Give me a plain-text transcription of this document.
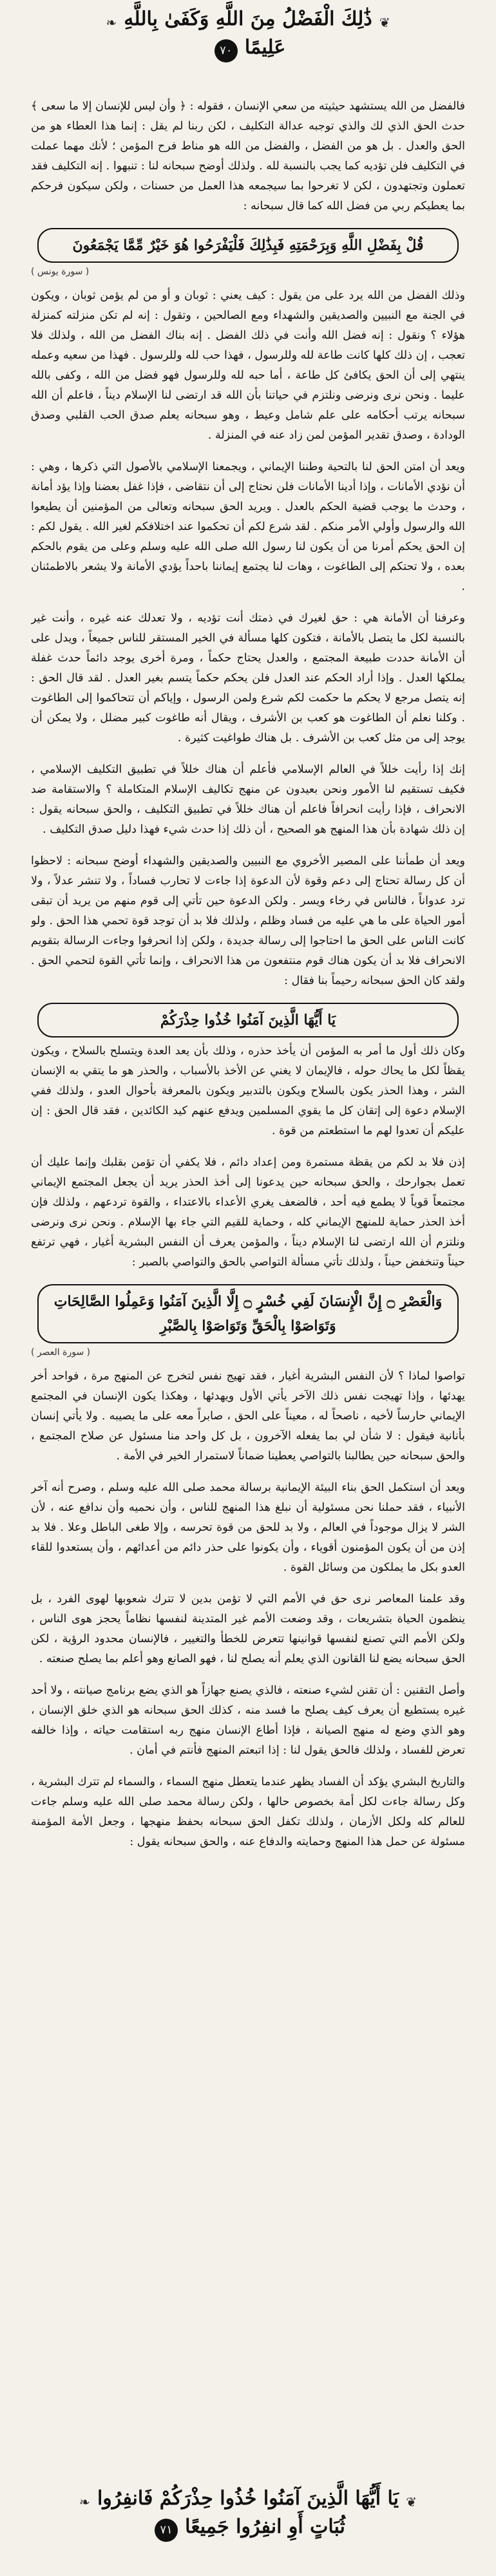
❦ ذَٰلِكَ الْفَضْلُ مِنَ اللَّهِ وَكَفَىٰ بِاللَّهِ ❧
عَلِيمًا ٧٠

فالفضل من الله يستشهد حيثيته من سعي الإنسان ، فقوله : ﴿ وأن ليس للإنسان إلا ما سعى ﴾ حدث الحق الذي لك والذي توجبه عدالة التكليف ، لكن ربنا لم يقل : إنما هذا العطاء هو من الحق والعدل . بل هو من الفضل ، والفضل من الله هو مناط فرح المؤمن ؛ لأنك مهما عملت في التكليف فلن تؤديه كما يجب بالنسبة لله . ولذلك أوضح سبحانه لنا : تنبهوا . إنه التكليف فقد تعملون وتجتهدون ، لكن لا تغرحوا بما سيجمعه هذا العمل من حسنات ، ولكن سيكون فرحكم بما يعطيكم ربي من فضل الله كما قال سبحانه :

قُلْ بِفَضْلِ اللَّهِ وَبِرَحْمَتِهِ فَبِذَٰلِكَ فَلْيَفْرَحُوا هُوَ خَيْرٌ مِّمَّا يَجْمَعُونَ

( سورة يونس )

وذلك الفضل من الله يرد على من يقول : كيف يعني : ثوبان و أو من لم يؤمن ثوبان ، ويكون في الجنة مع النبيين والصديقين والشهداء ومع الصالحين ، وتقول : إنه لم تكن منزلته كمنزلة هؤلاء ؟ ونقول : إنه فضل الله وأنت في ذلك الفضل . إنه بناك الفضل من الله ، ولذلك فلا تعجب ، إن ذلك كلها كانت طاعة لله وللرسول ، فهذا حب لله وللرسول . فهذا من سعيه وعمله ينتهي إلى أن الحق يكافئ كل طاعة ، أما حبه لله وللرسول فهو فضل من الله ، وكفى بالله عليما . ونحن نرى ونرضى ونلتزم في حياتنا بأن الله قد ارتضى لنا الإسلام ديناً ، فاعلم أن الله سبحانه يرتب أحكامه على علم شامل وعيط ، وهو سبحانه يعلم صدق الحب القلبي وصدق الودادة ، وصدق تقدير المؤمن لمن زاد عنه في المنزلة .

ويعد أن امتن الحق لنا بالتحية وطننا الإيماني ، ويجمعنا الإسلامي بالأصول التي ذكرها ، وهي : أن نؤدي الأمانات ، وإذا أدينا الأمانات فلن نحتاج إلى أن نتقاضى ، فإذا غفل بعضنا وإذا يؤد أمانة ، وحدث ما يوجب قضية الحكم بالعدل . ويريد الحق سبحانه وتعالى من المؤمنين أن يطيعوا الله والرسول وأولي الأمر منكم . لقد شرع لكم أن تحكموا عند اختلافكم لغير الله . يقول لكم : إن الحق يحكم أمرنا من أن يكون لنا رسول الله صلى الله عليه وسلم وعلى من يقوم بالحكم بعده ، ولا تحتكم إلى الطاغوت ، وهات لنا يجتمع إيماننا باحداً يؤدي الأمانة ولا يشعر بالاطمئنان .

وعرفنا أن الأمانة هي : حق لغيرك في ذمتك أنت تؤديه ، ولا تعدلك عنه غيره ، وأنت غير بالنسبة لكل ما يتصل بالأمانة ، فتكون كلها مسألة في الخير المستقر للناس جميعاً ، ويدل على أن الأمانة حددت طبيعة المجتمع ، والعدل يحتاج حكماً ، ومرة أخرى يوجد دائماً حدث غفلة يملكها العدل . وإذا أراد الحكم عند العدل فلن يحكم حكماً يتسم بغير العدل . لقد قال الحق : إنه يتصل مرجع لا يحكم ما حكمت لكم شرع ولمن الرسول ، وإياكم أن تتحاكموا إلى الطاغوت . وكلنا نعلم أن الطاغوت هو كعب بن الأشرف ، ويقال أنه طاغوت كبير مضلل ، ولا يمكن أن يوجد إلى من مثل كعب بن الأشرف . بل هناك طواغيت كثيرة .

إنك إذا رأيت خللاً في العالم الإسلامي فأعلم أن هناك خللاً في تطبيق التكليف الإسلامي ، فكيف تستقيم لنا الأمور ونحن بعيدون عن منهج تكاليف الإسلام المتكاملة ؟ والاستقامة ضد الانحراف ، فإذا رأيت انحرافاً فاعلم أن هناك خللاً في تطبيق التكليف ، والحق سبحانه يقول : إن ذلك شهادة بأن هذا المنهج هو الصحيح ، أن ذلك إذا حدث شيء فهذا دليل صدق التكليف .

ويعد أن طمأننا على المصير الأخروي مع النبيين والصديقين والشهداء أوضح سبحانه : لاحظوا أن كل رسالة تحتاج إلى دعم وقوة لأن الدعوة إذا جاءت لا تحارب فساداً ، ولا تنشر عدلاً ، ولا ترد عدواناً ، فالناس في رخاء ويسر . ولكن الدعوة حين تأتي إلى قوم منهم من يريد أن تبقى أمور الحياة على ما هي عليه من فساد وظلم ، ولذلك فلا بد أن توجد قوة تحمي هذا الحق . ولو كانت الناس على الحق ما احتاجوا إلى رسالة جديدة ، ولكن إذا انحرفوا وجاءت الرسالة بتقويم الانحراف فلا بد أن يكون هناك قوم منتفعون من هذا الانحراف ، وإنما تأتي القوة لتحمي الحق . ولقد كان الحق سبحانه رحيماً بنا فقال :

يَا أَيُّهَا الَّذِينَ آمَنُوا خُذُوا حِذْرَكُمْ

وكان ذلك أول ما أمر به المؤمن أن يأخذ حذره ، وذلك بأن يعد العدة ويتسلح بالسلاح ، ويكون يقظاً لكل ما يحاك حوله ، فالإيمان لا يغني عن الأخذ بالأسباب ، والحذر هو ما يتقي به الإنسان الشر ، وهذا الحذر يكون بالسلاح ويكون بالتدبير ويكون بالمعرفة بأحوال العدو ، ولذلك ففي الإسلام دعوة إلى إتقان كل ما يقوي المسلمين ويدفع عنهم كيد الكائدين ، فقد قال الحق : إن عليكم أن تعدوا لهم ما استطعتم من قوة .

إذن فلا بد لكم من يقظة مستمرة ومن إعداد دائم ، فلا يكفي أن تؤمن بقلبك وإنما عليك أن تعمل بجوارحك ، والحق سبحانه حين يدعونا إلى أخذ الحذر يريد أن يجعل المجتمع الإيماني مجتمعاً قوياً لا يطمع فيه أحد ، فالضعف يغري الأعداء بالاعتداء ، والقوة تردعهم ، ولذلك فإن أخذ الحذر حماية للمنهج الإيماني كله ، وحماية للقيم التي جاء بها الإسلام . ونحن نرى ونرضى ونلتزم أن الله ارتضى لنا الإسلام ديناً ، والمؤمن يعرف أن النفس البشرية أغيار ، فهي ترتفع حيناً وتنخفض حيناً ، ولذلك تأتي مسألة التواصي بالحق والتواصي بالصبر :

وَالْعَصْرِ ۝ إِنَّ الْإِنسَانَ لَفِي خُسْرٍ ۝ إِلَّا الَّذِينَ آمَنُوا وَعَمِلُوا الصَّالِحَاتِ وَتَوَاصَوْا بِالْحَقِّ وَتَوَاصَوْا بِالصَّبْرِ

( سورة العصر )

تواصوا لماذا ؟ لأن النفس البشرية أغيار ، فقد تهيج نفس لتخرج عن المنهج مرة ، فواحد أخر يهدئها ، وإذا تهيجت نفس ذلك الآخر يأتي الأول ويهدئها ، وهكذا يكون الإنسان في المجتمع الإيماني حارساً لأخيه ، ناصحاً له ، معيناً على الحق ، صابراً معه على ما يصيبه . ولا يأتي إنسان بأنانية فيقول : لا شأن لي بما يفعله الآخرون ، بل كل واحد منا مسئول عن صلاح المجتمع ، والحق سبحانه حين يطالبنا بالتواصي يعطينا ضماناً لاستمرار الخير في الأمة .

ويعد أن استكمل الحق بناء البيئة الإيمانية برسالة محمد صلى الله عليه وسلم ، وصرح أنه آخر الأنبياء ، فقد حملنا نحن مسئولية أن نبلغ هذا المنهج للناس ، وأن نحميه وأن ندافع عنه ، لأن الشر لا يزال موجوداً في العالم ، ولا بد للحق من قوة تحرسه ، وإلا طغى الباطل وعلا . فلا بد إذن من أن يكون المؤمنون أقوياء ، وأن يكونوا على حذر دائم من أعدائهم ، وأن يستعدوا للقاء العدو بكل ما يملكون من وسائل القوة .

وقد علمنا المعاصر نرى حق في الأمم التي لا تؤمن بدين لا تترك شعوبها لهوى الفرد ، بل ينظمون الحياة بتشريعات ، وقد وضعت الأمم غير المتدينة لنفسها نظاماً يحجز هوى الناس ، ولكن الأمم التي تصنع لنفسها قوانينها تتعرض للخطأ والتغيير ، فالإنسان محدود الرؤية ، لكن الحق سبحانه يضع لنا القانون الذي يعلم أنه يصلح لنا ، فهو الصانع وهو أعلم بما يصلح صنعته .

وأصل التقنين : أن تقنن لشيء صنعته ، فالذي يصنع جهازاً هو الذي يضع برنامج صيانته ، ولا أحد غيره يستطيع أن يعرف كيف يصلح ما فسد منه ، كذلك الحق سبحانه هو الذي خلق الإنسان ، وهو الذي وضع له منهج الصيانة ، فإذا أطاع الإنسان منهج ربه استقامت حياته ، وإذا خالفه تعرض للفساد ، ولذلك فالحق يقول لنا : إذا اتبعتم المنهج فأنتم في أمان .

والتاريخ البشري يؤكد أن الفساد يظهر عندما يتعطل منهج السماء ، والسماء لم تترك البشرية ، وكل رسالة جاءت لكل أمة بخصوص حالها ، ولكن رسالة محمد صلى الله عليه وسلم جاءت للعالم كله ولكل الأزمان ، ولذلك تكفل الحق سبحانه بحفظ منهجها ، وجعل الأمة المؤمنة مسئولة عن حمل هذا المنهج وحمايته والدفاع عنه ، والحق سبحانه يقول :

❦ يَا أَيُّهَا الَّذِينَ آمَنُوا خُذُوا حِذْرَكُمْ فَانفِرُوا ❧
ثُبَاتٍ أَوِ انفِرُوا جَمِيعًا ٧١
